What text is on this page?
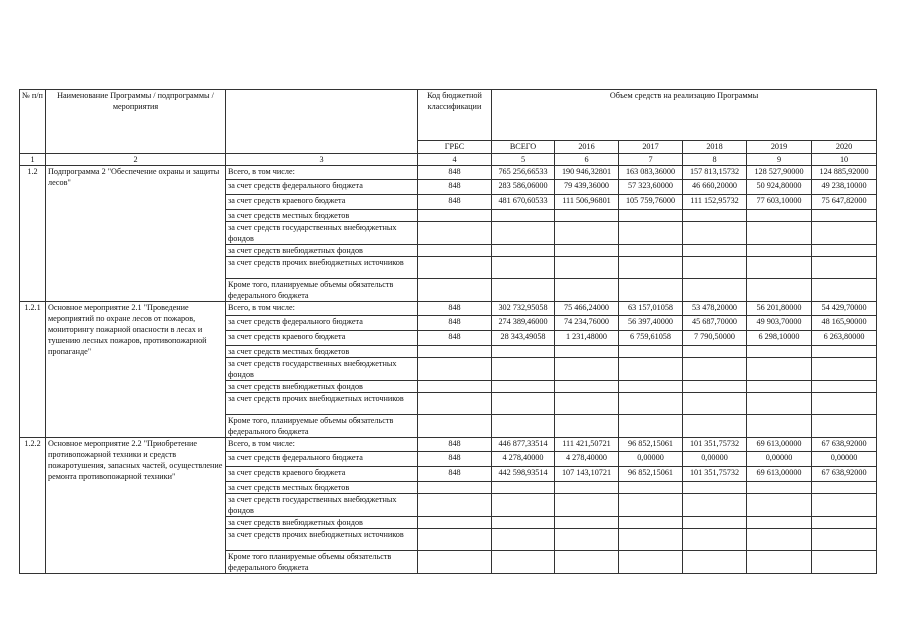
№ п/п	Наименование Программы / подпрограммы / мероприятия		Код бюджетной классификации	Объем средств на реализацию Программы					
			ГРБС	ВСЕГО	2016	2017	2018	2019	2020
1	2	3	4	5	6	7	8	9	10
1.2	Подпрограмма 2 "Обеспечение охраны и защиты лесов"	Всего, в том числе:	848	765 256,66533	190 946,32801	163 083,36000	157 813,15732	128 527,90000	124 885,92000
		за счет средств федерального бюджета	848	283 586,06000	79 439,36000	57 323,60000	46 660,20000	50 924,80000	49 238,10000
		за счет средств краевого бюджета	848	481 670,60533	111 506,96801	105 759,76000	111 152,95732	77 603,10000	75 647,82000
		за счет средств местных бюджетов							
		за счет средств государственных внебюджетных фондов							
		за счет средств внебюджетных фондов							
		за счет средств прочих внебюджетных источников							
		Кроме того, планируемые объемы обязательств федерального бюджета							
1.2.1	Основное мероприятие 2.1 "Проведение мероприятий по охране лесов от пожаров, мониторингу пожарной опасности в лесах и тушению лесных пожаров, противопожарной пропаганде"	Всего, в том числе:	848	302 732,95058	75 466,24000	63 157,01058	53 478,20000	56 201,80000	54 429,70000
		за счет средств федерального бюджета	848	274 389,46000	74 234,76000	56 397,40000	45 687,70000	49 903,70000	48 165,90000
		за счет средств краевого бюджета	848	28 343,49058	1 231,48000	6 759,61058	7 790,50000	6 298,10000	6 263,80000
		за счет средств местных бюджетов							
		за счет средств государственных внебюджетных фондов							
		за счет средств внебюджетных фондов							
		за счет средств прочих внебюджетных источников							
		Кроме того, планируемые объемы обязательств федерального бюджета							
1.2.2	Основное мероприятие 2.2 "Приобретение противопожарной техники и средств пожаротушения, запасных частей, осуществление ремонта противопожарной техники"	Всего, в том числе:	848	446 877,33514	111 421,50721	96 852,15061	101 351,75732	69 613,00000	67 638,92000
		за счет средств федерального бюджета	848	4 278,40000	4 278,40000	0,00000	0,00000	0,00000	0,00000
		за счет средств краевого бюджета	848	442 598,93514	107 143,10721	96 852,15061	101 351,75732	69 613,00000	67 638,92000
		за счет средств местных бюджетов							
		за счет средств государственных внебюджетных фондов							
		за счет средств внебюджетных фондов							
		за счет средств прочих внебюджетных источников							
		Кроме того планируемые объемы обязательств федерального бюджета							
